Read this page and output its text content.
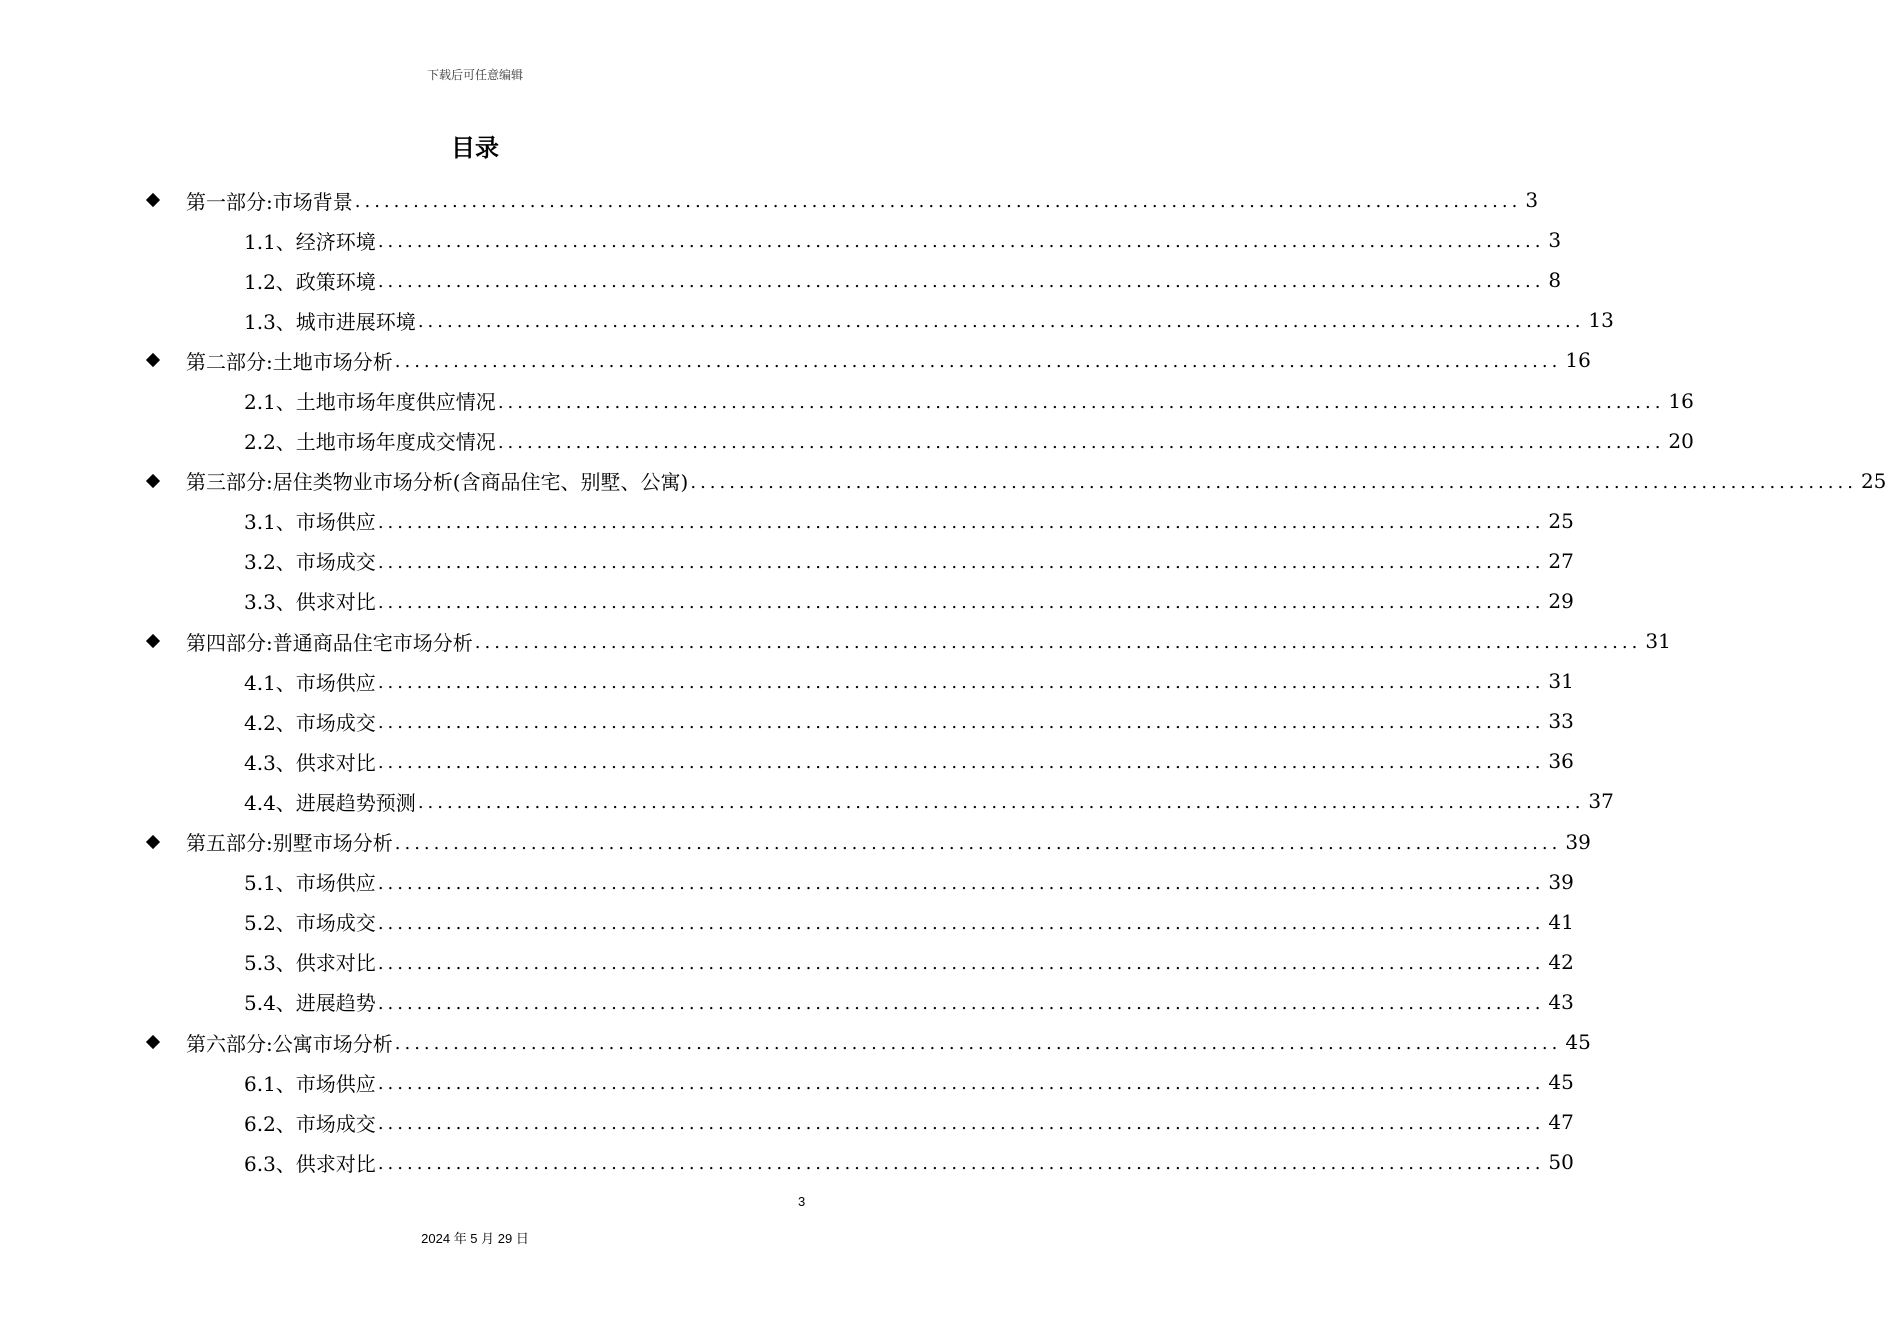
下载后可任意编辑
目录
第一部分:市场背景 ........................................................................................................................ 3
1.1、经济环境 ........................................................................................................................ 3
1.2、政策环境 ........................................................................................................................ 8
1.3、城市进展环境 ........................................................................................................................ 13
第二部分:土地市场分析 ........................................................................................................................ 16
2.1、土地市场年度供应情况 ........................................................................................................................ 16
2.2、土地市场年度成交情况 ........................................................................................................................ 20
第三部分:居住类物业市场分析(含商品住宅、别墅、公寓) ........................................................................................................................ 25
3.1、市场供应 ........................................................................................................................ 25
3.2、市场成交 ........................................................................................................................ 27
3.3、供求对比 ........................................................................................................................ 29
第四部分:普通商品住宅市场分析 ........................................................................................................................ 31
4.1、市场供应 ........................................................................................................................ 31
4.2、市场成交 ........................................................................................................................ 33
4.3、供求对比 ........................................................................................................................ 36
4.4、进展趋势预测 ........................................................................................................................ 37
第五部分:别墅市场分析 ........................................................................................................................ 39
5.1、市场供应 ........................................................................................................................ 39
5.2、市场成交 ........................................................................................................................ 41
5.3、供求对比 ........................................................................................................................ 42
5.4、进展趋势 ........................................................................................................................ 43
第六部分:公寓市场分析 ........................................................................................................................ 45
6.1、市场供应 ........................................................................................................................ 45
6.2、市场成交 ........................................................................................................................ 47
6.3、供求对比 ........................................................................................................................ 50
3
2024 年 5 月 29 日
